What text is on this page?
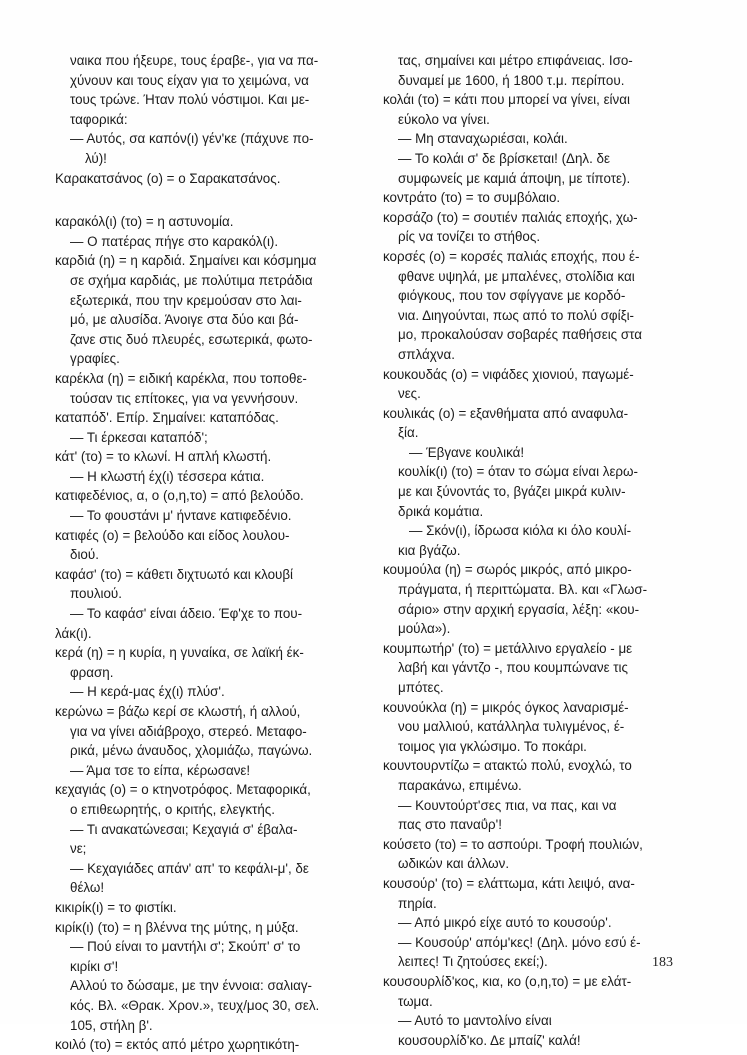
ναικα που ήξευρε, τους έραβε-, για να πα-
χύνουν και τους είχαν για το χειμώνα, να
τους τρώνε. Ήταν πολύ νόστιμοι. Και με-
ταφορικά:
— Αυτός, σα καπόν(ι) γέν'κε (πάχυνε πο-
λύ)!
Καρακατσάνος (ο) = ο Σαρακατσάνος.
καρακόλ(ι) (το) = η αστυνομία.
— Ο πατέρας πήγε στο καρακόλ(ι).
καρδιά (η) = η καρδιά. Σημαίνει και κόσμημα
σε σχήμα καρδιάς, με πολύτιμα πετράδια
εξωτερικά, που την κρεμούσαν στο λαι-
μό, με αλυσίδα. Άνοιγε στα δύο και βά-
ζανε στις δυό πλευρές, εσωτερικά, φωτο-
γραφίες.
καρέκλα (η) = ειδική καρέκλα, που τοποθε-
τούσαν τις επίτοκες, για να γεννήσουν.
καταπόδ'. Επίρ. Σημαίνει: καταπόδας.
— Τι έρκεσαι καταπόδ';
κάτ' (το) = το κλωνί. Η απλή κλωστή.
— Η κλωστή έχ(ι) τέσσερα κάτια.
κατιφεδένιος, α, ο (ο,η,το) = από βελούδο.
— Το φουστάνι μ' ήντανε κατιφεδένιο.
κατιφές (ο) = βελούδο και είδος λουλου-
διού.
καφάσ' (το) = κάθετι διχτυωτό και κλουβί
πουλιού.
— Το καφάσ' είναι άδειο. Έφ'χε το που-
λάκ(ι).
κερά (η) = η κυρία, η γυναίκα, σε λαϊκή έκ-
φραση.
— Η κερά-μας έχ(ι) πλύσ'.
κερώνω = βάζω κερί σε κλωστή, ή αλλού,
για να γίνει αδιάβροχο, στερεό. Μεταφο-
ρικά, μένω άναυδος, χλομιάζω, παγώνω.
— Άμα τσε το είπα, κέρωσανε!
κεχαγιάς (ο) = ο κτηνοτρόφος. Μεταφορικά,
ο επιθεωρητής, ο κριτής, ελεγκτής.
— Τι ανακατώνεσαι; Κεχαγιά σ' έβαλα-
νε;
— Κεχαγιάδες απάν' απ' το κεφάλι-μ', δε
θέλω!
κικιρίκ(ι) = το φιστίκι.
κιρίκ(ι) (το) = η βλέννα της μύτης, η μύξα.
— Πού είναι το μαντήλι σ'; Σκούπ' σ' το
κιρίκι σ'!
Αλλού το δώσαμε, με την έννοια: σαλιαγ-
κός. Βλ. «Θρακ. Χρον.», τευχ/μος 30, σελ.
105, στήλη β'.
κοιλό (το) = εκτός από μέτρο χωρητικότη-
τας, σημαίνει και μέτρο επιφάνειας. Ισο-
δυναμεί με 1600, ή 1800 τ.μ. περίπου.
κολάι (το) = κάτι που μπορεί να γίνει, είναι
εύκολο να γίνει.
— Μη σταναχωριέσαι, κολάι.
— Το κολάι σ' δε βρίσκεται! (Δηλ. δε
συμφωνείς με καμιά άποψη, με τίποτε).
κοντράτο (το) = το συμβόλαιο.
κορσάζο (το) = σουτιέν παλιάς εποχής, χω-
ρίς να τονίζει το στήθος.
κορσές (ο) = κορσές παλιάς εποχής, που έ-
φθανε υψηλά, με μπαλένες, στολίδια και
φιόγκους, που τον σφίγγανε με κορδό-
νια. Διηγούνται, πως από το πολύ σφίξι-
μο, προκαλούσαν σοβαρές παθήσεις στα
σπλάχνα.
κουκουδάς (ο) = νιφάδες χιονιού, παγωμέ-
νες.
κουλικάς (ο) = εξανθήματα από αναφυλα-
ξία.
— Έβγανε κουλικά!
κουλίκ(ι) (το) = όταν το σώμα είναι λερω-
με και ξύνοντάς το, βγάζει μικρά κυλιν-
δρικά κομάτια.
— Σκόν(ι), ίδρωσα κιόλα κι όλο κουλί-
κια βγάζω.
κουμούλα (η) = σωρός μικρός, από μικρο-
πράγματα, ή περιττώματα. Βλ. και «Γλωσ-
σάριο» στην αρχική εργασία, λέξη: «κου-
μούλα»).
κουμπωτήρ' (το) = μετάλλινο εργαλείο - με
λαβή και γάντζο -, που κουμπώνανε τις
μπότες.
κουνούκλα (η) = μικρός όγκος λαναρισμέ-
νου μαλλιού, κατάλληλα τυλιγμένος, έ-
τοιμος για γκλώσιμο. Το ποκάρι.
κουντουρντίζω = ατακτώ πολύ, ενοχλώ, το
παρακάνω, επιμένω.
— Κουντούρτ'σες πια, να πας, και να
πας στο παναΰρ'!
κούσετο (το) = το ασπούρι. Τροφή πουλιών,
ωδικών και άλλων.
κουσούρ' (το) = ελάττωμα, κάτι λειψό, ανα-
πηρία.
— Από μικρό είχε αυτό το κουσούρ'.
— Κουσούρ' απόμ'κες! (Δηλ. μόνο εσύ έ-
λειπες! Τι ζητούσες εκεί;).
κουσουρλίδ'κος, κια, κο (ο,η,το) = με ελάτ-
τωμα.
— Αυτό το μαντολίνο είναι
κουσουρλίδ'κο. Δε μπαίζ' καλά!
183
